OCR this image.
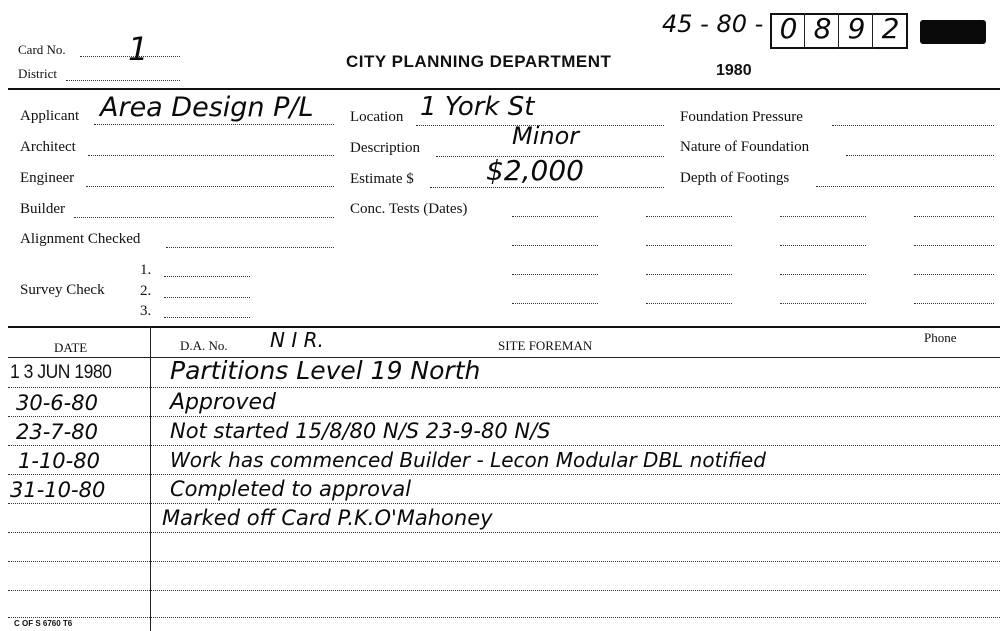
Card No. 1
District
CITY PLANNING DEPARTMENT	1980
45 - 80 - 0 8 9 2
Applicant Area Design P/L
Architect
Engineer
Builder
Alignment Checked
1.
Survey Check 2.
3.
Location 1 York St
Description	Minor
Estimate $	$2,000
Conc. Tests (Dates)
Foundation Pressure
Nature of Foundation
Depth of Footings
DATE	D.A. No. N I R.	SITE FOREMAN
Phone
1 3 JUN 1980 Partitions Level 19 North
30-6-80	Approved
23-7-80	Not started 15/8/80 N/S 23-9-80 N/S
1-10-80	Work has commenced Builder - Lecon Modular DBL notified
31-10-80	Completed to approval
Marked off Card P.K.O'Mahoney
C OF S 6760 T6
